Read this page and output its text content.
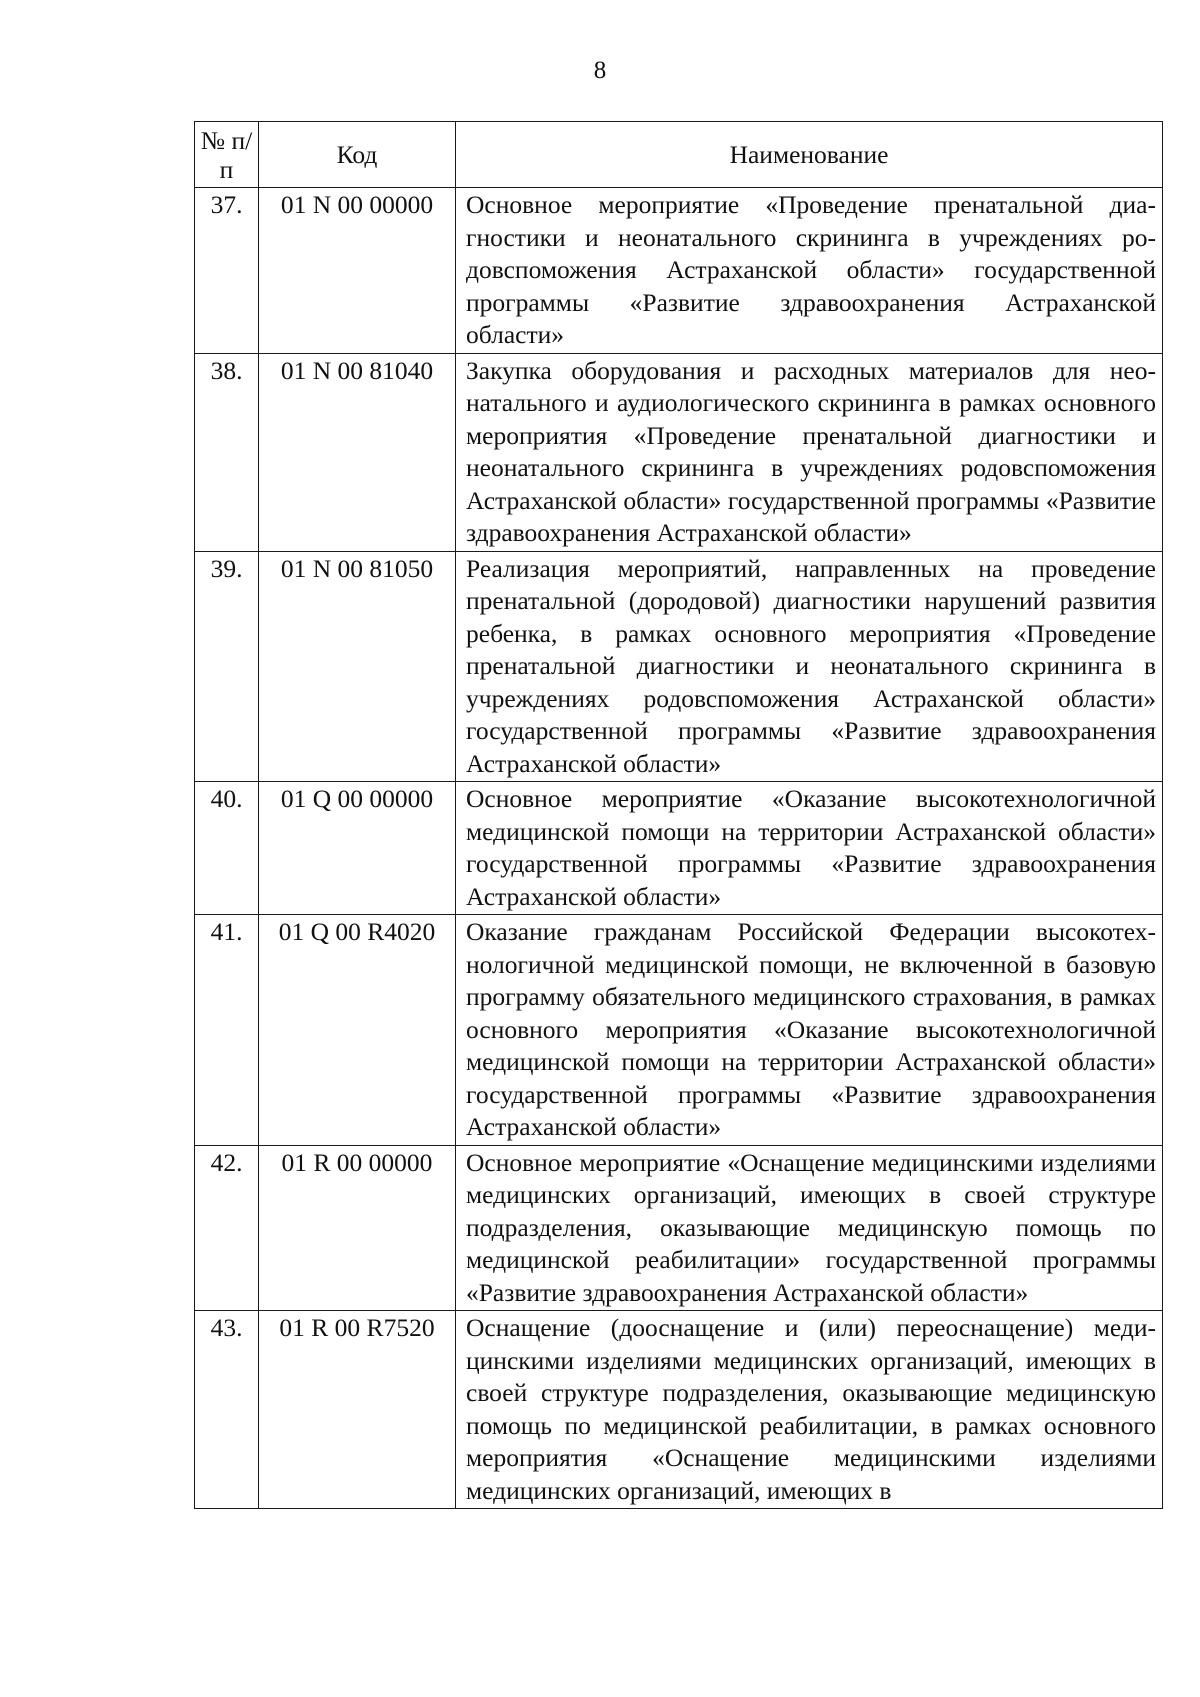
8
№ п/п	Код	Наименование
37.	01 N 00 00000	Основное мероприятие «Проведение пренатальной диагностики и неонатального скрининга в учреждениях родовспоможения Астраханской области» государственной программы «Развитие здравоохранения Астраханской области»
38.	01 N 00 81040	Закупка оборудования и расходных материалов для неонатального и аудиологического скрининга в рамках основного мероприятия «Проведение пренатальной диагностики и неонатального скрининга в учреждениях родовспоможения Астраханской области» государственной программы «Развитие здравоохранения Астраханской области»
39.	01 N 00 81050	Реализация мероприятий, направленных на проведение пренатальной (дородовой) диагностики нарушений развития ребенка, в рамках основного мероприятия «Проведение пренатальной диагностики и неонатального скрининга в учреждениях родовспоможения Астраханской области» государственной программы «Развитие здравоохранения Астраханской области»
40.	01 Q 00 00000	Основное мероприятие «Оказание высокотехнологичной медицинской помощи на территории Астраханской области» государственной программы «Развитие здравоохранения Астраханской области»
41.	01 Q 00 R4020	Оказание гражданам Российской Федерации высокотехнологичной медицинской помощи, не включенной в базовую программу обязательного медицинского страхования, в рамках основного мероприятия «Оказание высокотехнологичной медицинской помощи на территории Астраханской области» государственной программы «Развитие здравоохранения Астраханской области»
42.	01 R 00 00000	Основное мероприятие «Оснащение медицинскими изделиями медицинских организаций, имеющих в своей структуре подразделения, оказывающие медицинскую помощь по медицинской реабилитации» государственной программы «Развитие здравоохранения Астраханской области»
43.	01 R 00 R7520	Оснащение (дооснащение и (или) переоснащение) медицинскими изделиями медицинских организаций, имеющих в своей структуре подразделения, оказывающие медицинскую помощь по медицинской реабилитации, в рамках основного мероприятия «Оснащение медицинскими изделиями медицинских организаций, имеющих в
